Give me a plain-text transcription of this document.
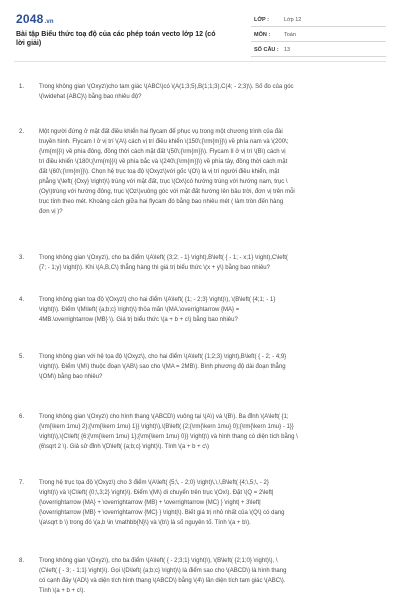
2048.vn
Bài tập Biểu thức toạ độ của các phép toán vecto lớp 12 (có lời giải)
LỚP :	Lớp 12
MÔN :	Toán
SỐ CÂU : 13
1. Trong không gian \(Oxyz\)cho tam giác \(ABC\)có \(A(1;3;5),B(1;1;3),C(4; - 2;3)\). Số đo của góc
\(\widehat {ABC}\) bằng bao nhiêu độ?
2. Một người đứng ở mặt đất điều khiển hai flycam để phục vụ trong một chương trình của đài
truyền hình. Flycam I ở vị trí \(A\) cách vị trí điều khiển \(150\;{\rm{m}}\) về phía nam và \(200\;
{\rm{m}}\) về phía đông, đồng thời cách mặt đất \(50\;{\rm{m}}\). Flycam II ở vị trí \(B\) cách vị
trí điều khiển \(180\;{\rm{m}}\) về phía bắc và \(240\;{\rm{m}}\) về phía tây, đồng thời cách mặt
đất \(60\;{\rm{m}}\). Chọn hệ trục toạ độ \(Oxyz\)với gốc \(O\) là vị trí người điều khiển, mặt
phẳng \(\left( {Oxy} \right)\) trùng với mặt đất, trục \(Ox\)có hướng trùng với hướng nam, trục \
(Oy\)trùng với hướng đông, trục \(Oz\)vuông góc với mặt đất hướng lên bầu trời, đơn vị trên mỗi
trục tính theo mét. Khoảng cách giữa hai flycam đó bằng bao nhiêu mét ( làm tròn đến hàng
đơn vị )?
3. Trong không gian \(Oxyz\), cho ba điểm \(A\left( {3;2; - 1} \right),B\left( { - 1; - x;1} \right),C\left(
{7; - 1;y} \right)\). Khi \(A,B,C\) thẳng hàng thì giá trị biểu thức \(x + y\) bằng bao nhiêu?
4. Trong không gian toạ độ \(Oxyz\) cho hai điểm \(A\left( {1; - 2;3} \right)\), \(B\left( {4;1; - 1}
\right)\). Điểm \(M\left( {a;b;c} \right)\) thỏa mãn \(MA.\overrightarrow {MA} =
4MB.\overrightarrow {MB} \). Giá trị biểu thức \(a + b + c\) bằng bao nhiêu?
5. Trong không gian với hệ tọa độ \(Oxyz\), cho hai điểm \(A\left( {1;2;3} \right),B\left( { - 2; - 4;9}
\right)\). Điểm \(M\) thuộc đoạn \(AB\) sao cho \(MA = 2MB\). Bình phương độ dài đoạn thẳng
\(OM\) bằng bao nhiêu?
6. Trong không gian \(Oxyz\) cho hình thang \(ABCD\) vuông tại \(A\) và \(B\). Ba đỉnh \(A\left( {1;
{\rm{\kern 1mu} 2};{\rm{\kern 1mu} 1}} \right)\),\(B\left( {2;{\rm{\kern 1mu} 0};{\rm{\kern 1mu} - 1}}
\right)\),\(C\left( {6;{\rm{\kern 1mu} 1};{\rm{\kern 1mu} 0}} \right)\) và hình thang có diện tích bằng \
(6\sqrt 2 \). Giả sử đỉnh \(D\left( {a;b;c} \right)\). Tính \(a + b + c\)
7. Trong hệ trục tọa độ \(Oxyz\) cho 3 điểm \(A\left( {5;\, - 2;0} \right)\,\,\,B\left( {4;\,5;\, - 2}
\right)\) và \(C\left( {0;\,3;2} \right)\). Điểm \(M\) di chuyển trên trục \(Ox\). Đặt \(Q = 2\left|
{\overrightarrow {MA} + \overrightarrow {MB} + \overrightarrow {MC} } \right| + 3\left|
{\overrightarrow {MB} + \overrightarrow {MC} } \right|\). Biết giá trị nhỏ nhất của \(Q\) có dạng
\(a\sqrt b \) trong đó \(a,b \in \mathbb{N}\) và \(b\) là số nguyên tố. Tính \(a + b\).
8. Trong không gian \(Oxyz\), cho ba điểm \(A\left( { - 2;3;1} \right)\), \(B\left( {2;1;0} \right)\), \
(C\left( { - 3; - 1;1} \right)\). Gọi \(D\left( {a;b;c} \right)\) là điểm sao cho \(ABCD\) là hình thang
có cạnh đáy \(AD\) và diện tích hình thang \(ABCD\) bằng \(4\) lần diện tích tam giác \(ABC\).
Tính \(a + b + c\).
